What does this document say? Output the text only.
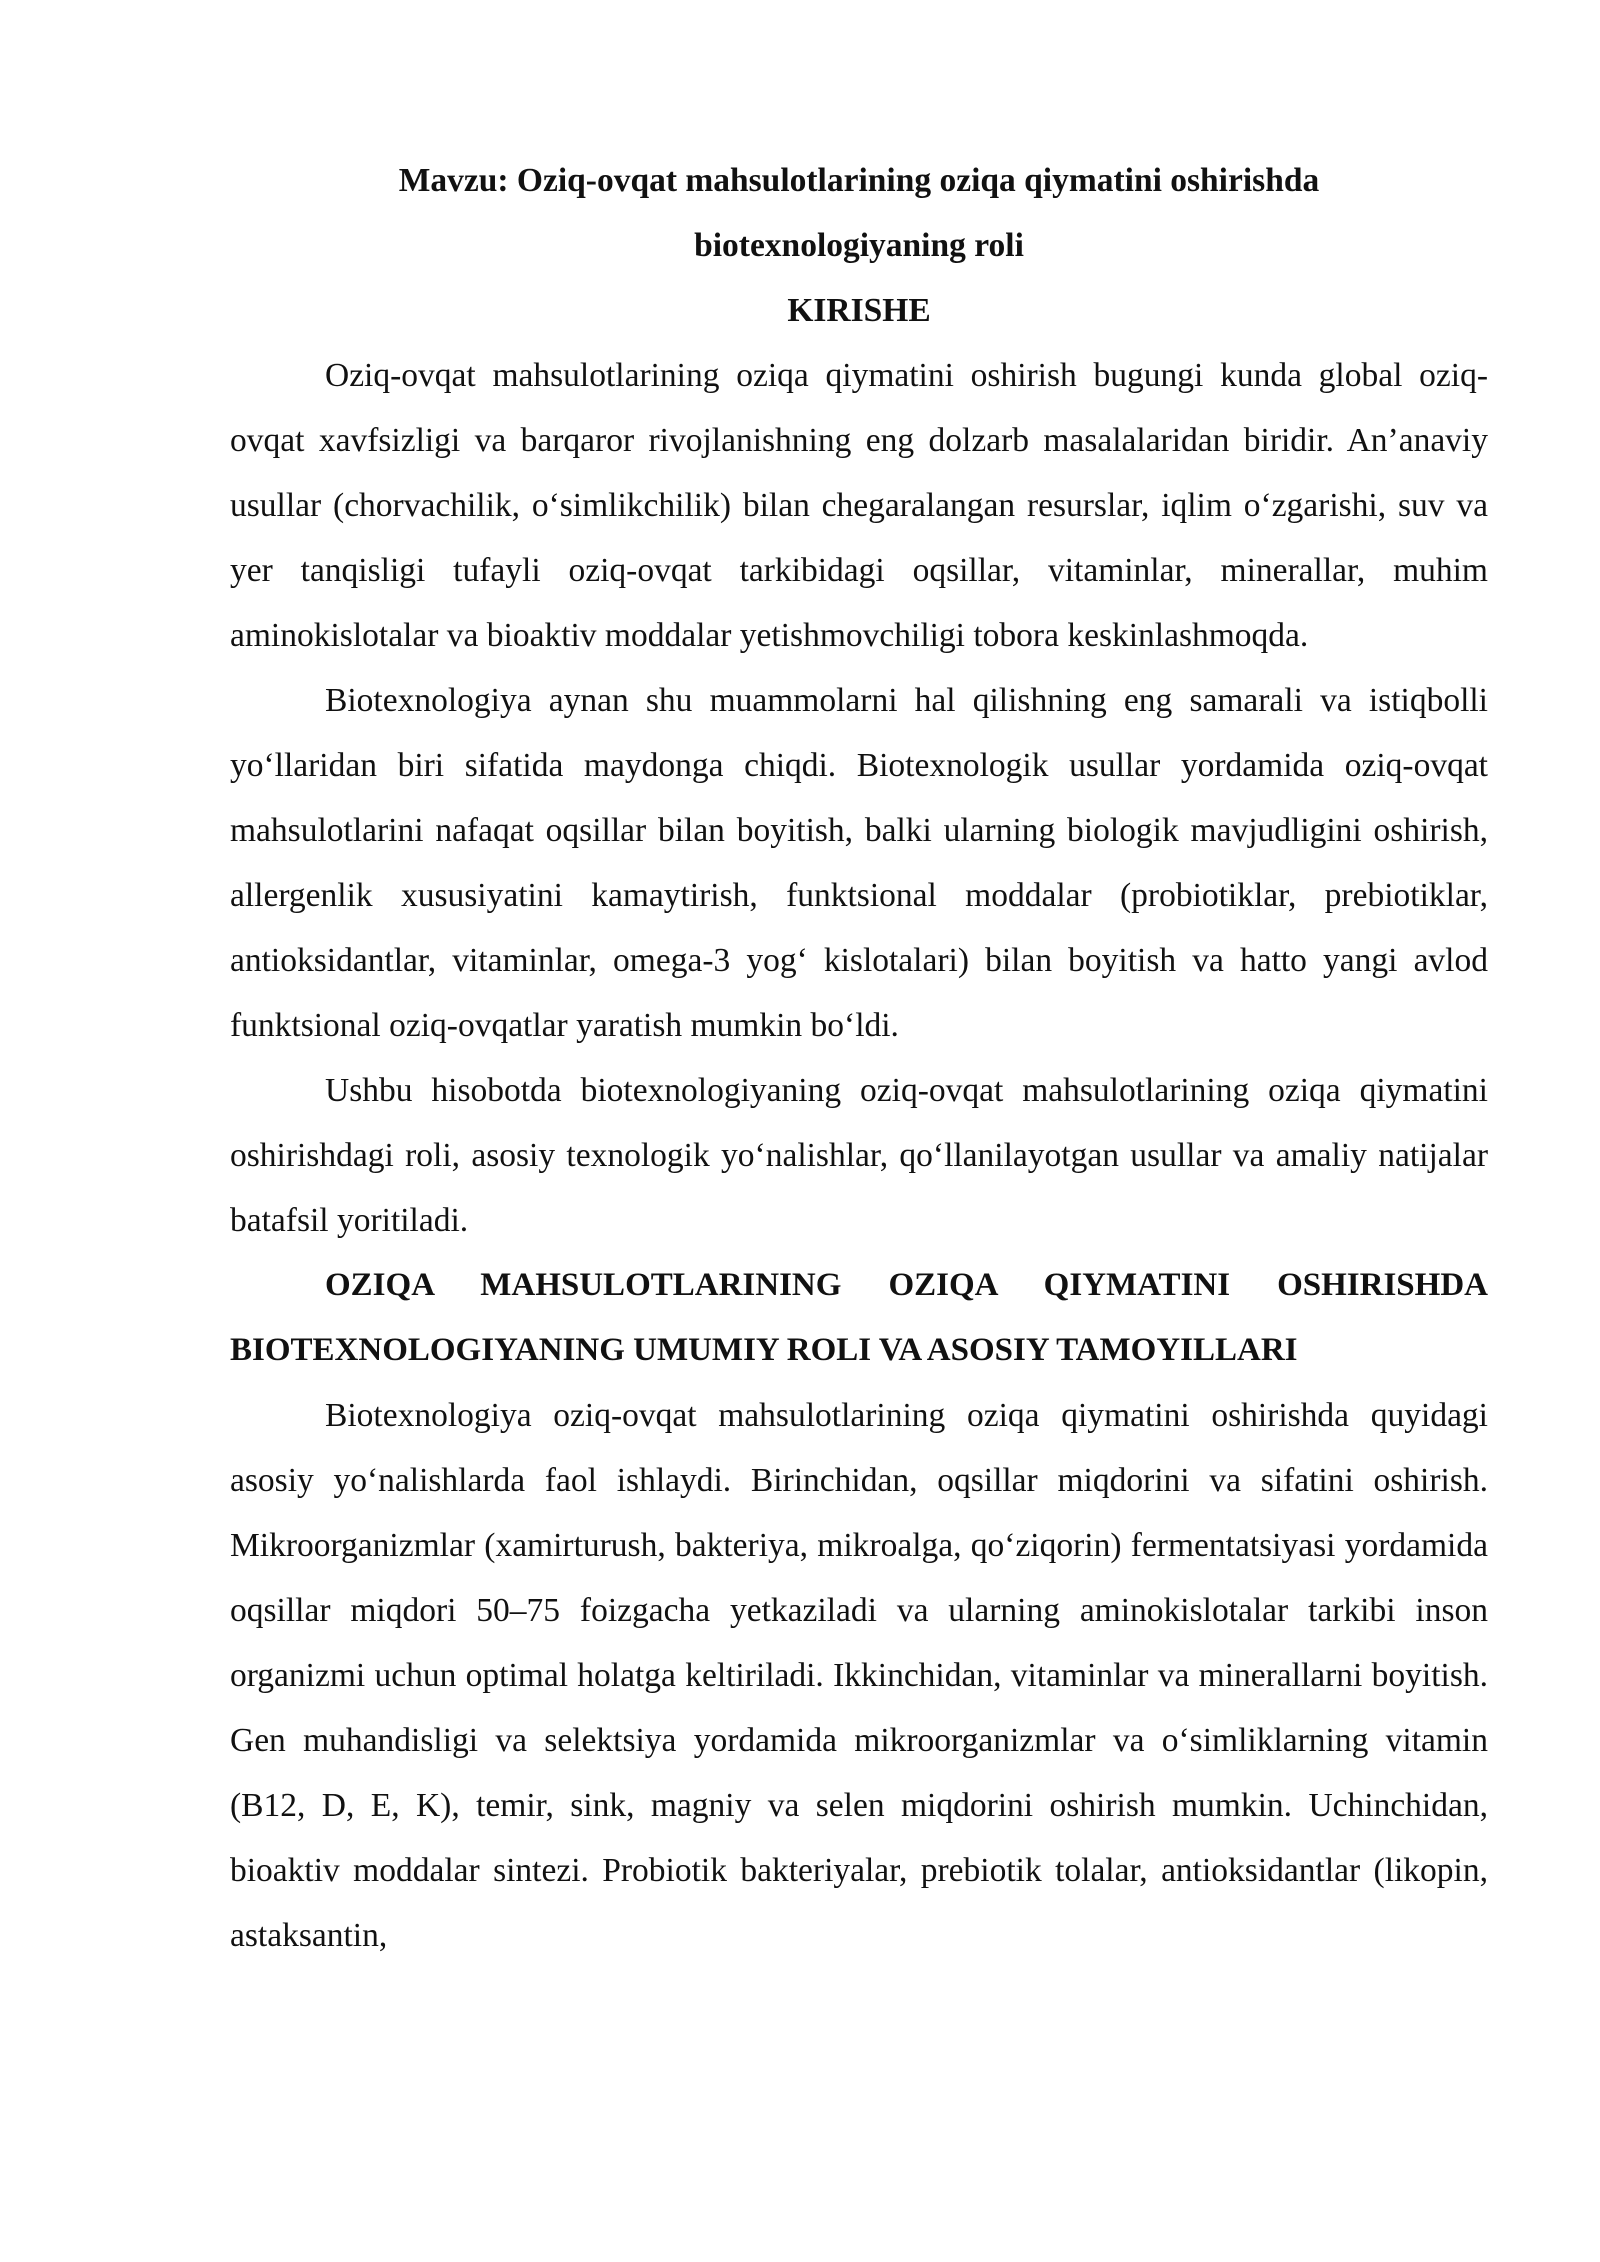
Mavzu: Oziq-ovqat mahsulotlarining oziqa qiymatini oshirishda biotexnologiyaning roli

KIRISHE

Oziq-ovqat mahsulotlarining oziqa qiymatini oshirish bugungi kunda global oziq-ovqat xavfsizligi va barqaror rivojlanishning eng dolzarb masalalaridan biridir. An’anaviy usullar (chorvachilik, o‘simlikchilik) bilan chegaralangan resurslar, iqlim o‘zgarishi, suv va yer tanqisligi tufayli oziq-ovqat tarkibidagi oqsillar, vitaminlar, minerallar, muhim aminokislotalar va bioaktiv moddalar yetishmovchiligi tobora keskinlashmoqda.

Biotexnologiya aynan shu muammolarni hal qilishning eng samarali va istiqbolli yo‘llaridan biri sifatida maydonga chiqdi. Biotexnologik usullar yordamida oziq-ovqat mahsulotlarini nafaqat oqsillar bilan boyitish, balki ularning biologik mavjudligini oshirish, allergenlik xususiyatini kamaytirish, funktsional moddalar (probiotiklar, prebiotiklar, antioksidantlar, vitaminlar, omega-3 yog‘ kislotalari) bilan boyitish va hatto yangi avlod funktsional oziq-ovqatlar yaratish mumkin bo‘ldi.

Ushbu hisobotda biotexnologiyaning oziq-ovqat mahsulotlarining oziqa qiymatini oshirishdagi roli, asosiy texnologik yo‘nalishlar, qo‘llanilayotgan usullar va amaliy natijalar batafsil yoritiladi.

OZIQA MAHSULOTLARINING OZIQA QIYMATINI OSHIRISHDA BIOTEXNOLOGIYANING UMUMIY ROLI VA ASOSIY TAMOYILLARI

Biotexnologiya oziq-ovqat mahsulotlarining oziqa qiymatini oshirishda quyidagi asosiy yo‘nalishlarda faol ishlaydi. Birinchidan, oqsillar miqdorini va sifatini oshirish. Mikroorganizmlar (xamirturush, bakteriya, mikroalga, qo‘ziqorin) fermentatsiyasi yordamida oqsillar miqdori 50–75 foizgacha yetkaziladi va ularning aminokislotalar tarkibi inson organizmi uchun optimal holatga keltiriladi. Ikkinchidan, vitaminlar va minerallarni boyitish. Gen muhandisligi va selektsiya yordamida mikroorganizmlar va o‘simliklarning vitamin (B12, D, E, K), temir, sink, magniy va selen miqdorini oshirish mumkin. Uchinchidan, bioaktiv moddalar sintezi. Probiotik bakteriyalar, prebiotik tolalar, antioksidantlar (likopin, astaksantin,
